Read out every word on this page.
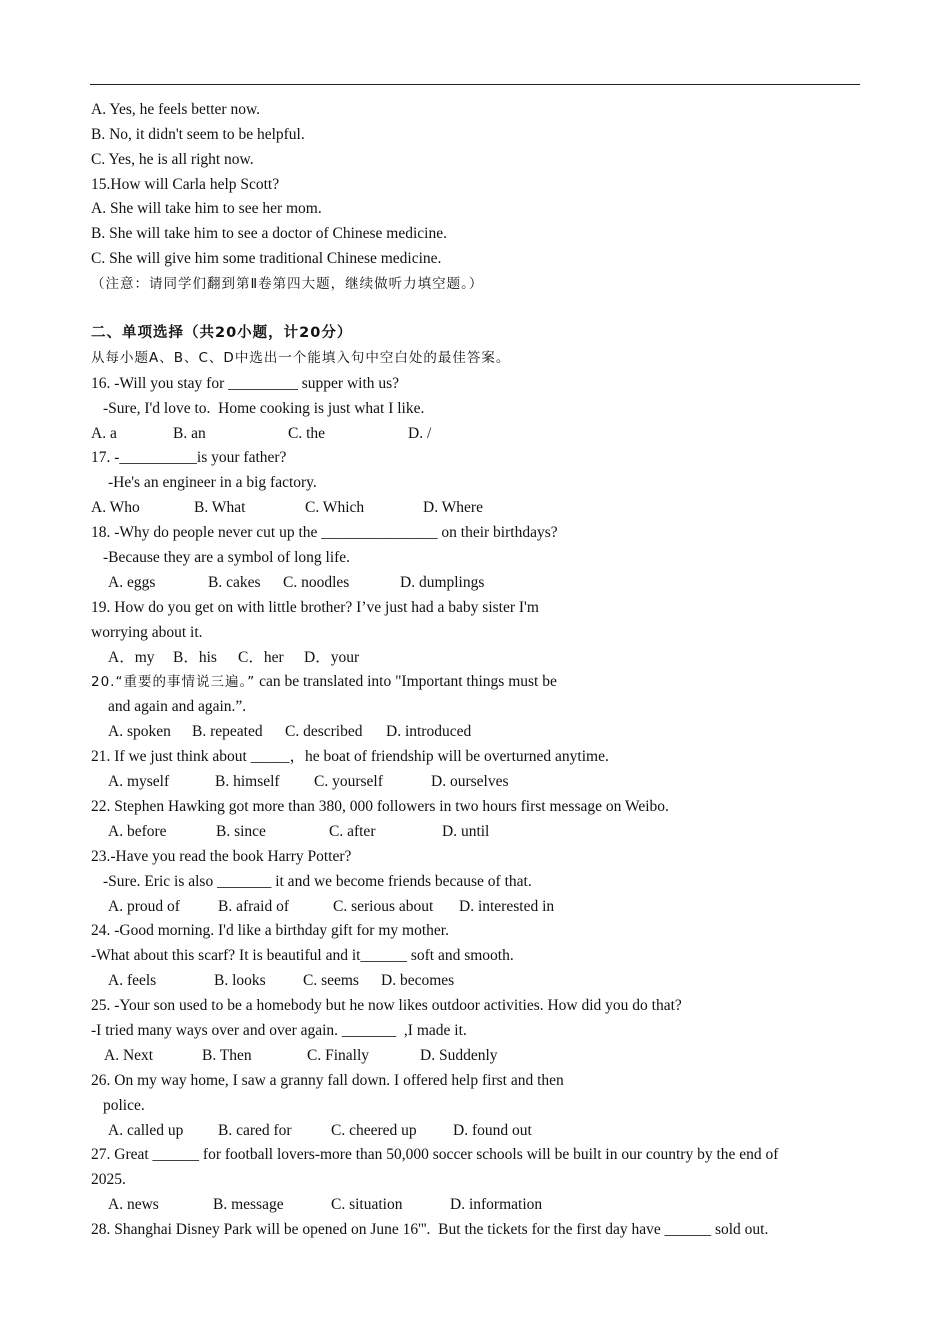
A. Yes, he feels better now.
B. No, it didn't seem to be helpful.
C. Yes, he is all right now.
15.How will Carla help Scott?
A. She will take him to see her mom.
B. She will take him to see a doctor of Chinese medicine.
C. She will give him some traditional Chinese medicine.
（注意：请同学们翻到第Ⅱ卷第四大题，继续做听力填空题。）
二、单项选择（共20小题，计20分）
从每小题A、B、C、D中选出一个能填入句中空白处的最佳答案。
16. -Will you stay for _________ supper with us?
-Sure, I'd love to.  Home cooking is just what I like.
A. a	B. an	C. the	D. /
17. -__________is your father?
-He's an engineer in a big factory.
A. Who	B. What	C. Which	D. Where
18. -Why do people never cut up the _______________ on their birthdays?
-Because they are a symbol of long life.
A. eggs	B. cakes C. noodles	D. dumplings
19. How do you get on with little brother? I’ve just had a baby sister I'm
worrying about it.
A．my B．his C．her D．your
20.“重要的事情说三遍。” can be translated into "Important things must be
and again and again.”.
A. spoken B. repeated C. described D. introduced
21. If we just think about _____，he boat of friendship will be overturned anytime.
A. myself	B. himself C. yourself	D. ourselves
22. Stephen Hawking got more than 380, 000 followers in two hours first message on Weibo.
A. before	B. since	C. after	D. until
23.-Have you read the book Harry Potter?
-Sure. Eric is also _______ it and we become friends because of that.
A. proud of B. afraid of	C. serious about D. interested in
24. -Good morning. I'd like a birthday gift for my mother.
-What about this scarf? It is beautiful and it______ soft and smooth.
A. feels	B. looks C. seems D. becomes
25. -Your son used to be a homebody but he now likes outdoor activities. How did you do that?
-I tried many ways over and over again. _______  ,I made it.
A. Next	B. Then	C. Finally	D. Suddenly
26. On my way home, I saw a granny fall down. I offered help first and then
police.
A. called up B. cared for	C. cheered up D. found out
27. Great ______ for football lovers-more than 50,000 soccer schools will be built in our country by the end of
2025.
A. news	B. message	C. situation	D. information
28. Shanghai Disney Park will be opened on June 16'''.  But the tickets for the first day have ______ sold out.
